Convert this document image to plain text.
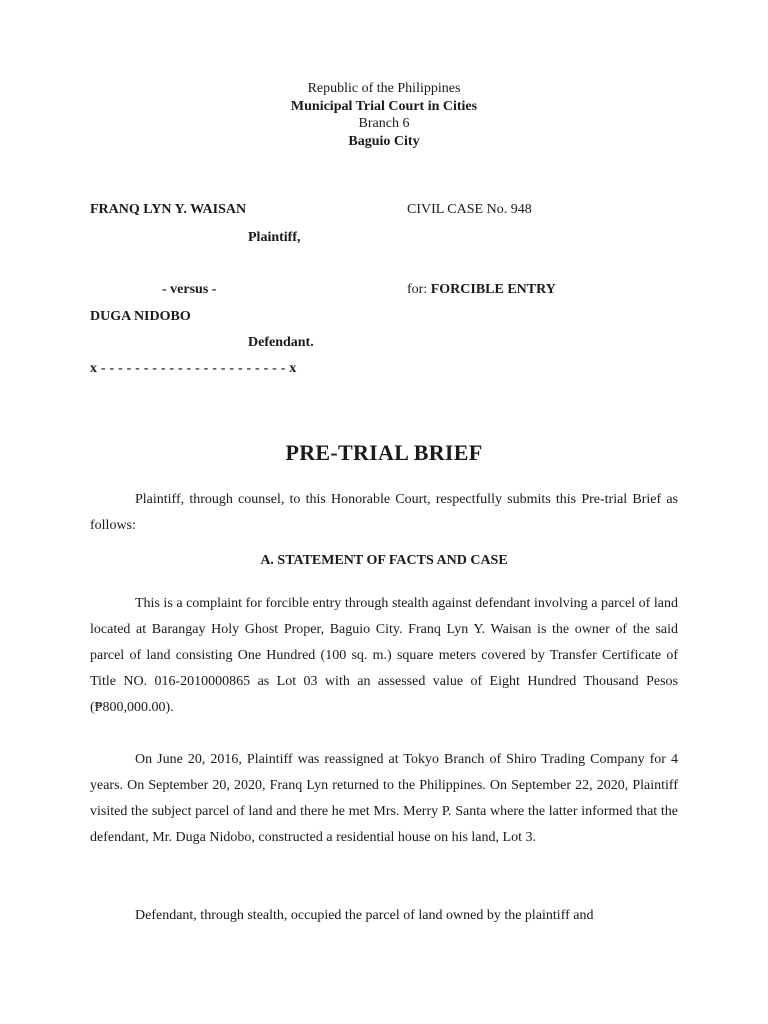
Republic of the Philippines
Municipal Trial Court in Cities
Branch 6
Baguio City
FRANQ LYN Y. WAISAN
Plaintiff,
- versus -
DUGA NIDOBO
Defendant.
x - - - - - - - - - - - - - - - - - - - - - - x
CIVIL CASE No. 948
for: FORCIBLE ENTRY
PRE-TRIAL BRIEF

Plaintiff, through counsel, to this Honorable Court, respectfully submits this Pre-trial Brief as follows:

A. STATEMENT OF FACTS AND CASE

This is a complaint for forcible entry through stealth against defendant involving a parcel of land located at Barangay Holy Ghost Proper, Baguio City. Franq Lyn Y. Waisan is the owner of the said parcel of land consisting One Hundred (100 sq. m.) square meters covered by Transfer Certificate of Title NO. 016-2010000865 as Lot 03 with an assessed value of Eight Hundred Thousand Pesos (₱800,000.00).

On June 20, 2016, Plaintiff was reassigned at Tokyo Branch of Shiro Trading Company for 4 years. On September 20, 2020, Franq Lyn returned to the Philippines. On September 22, 2020, Plaintiff visited the subject parcel of land and there he met Mrs. Merry P. Santa where the latter informed that the defendant, Mr. Duga Nidobo, constructed a residential house on his land, Lot 3.

Defendant, through stealth, occupied the parcel of land owned by the plaintiff and
